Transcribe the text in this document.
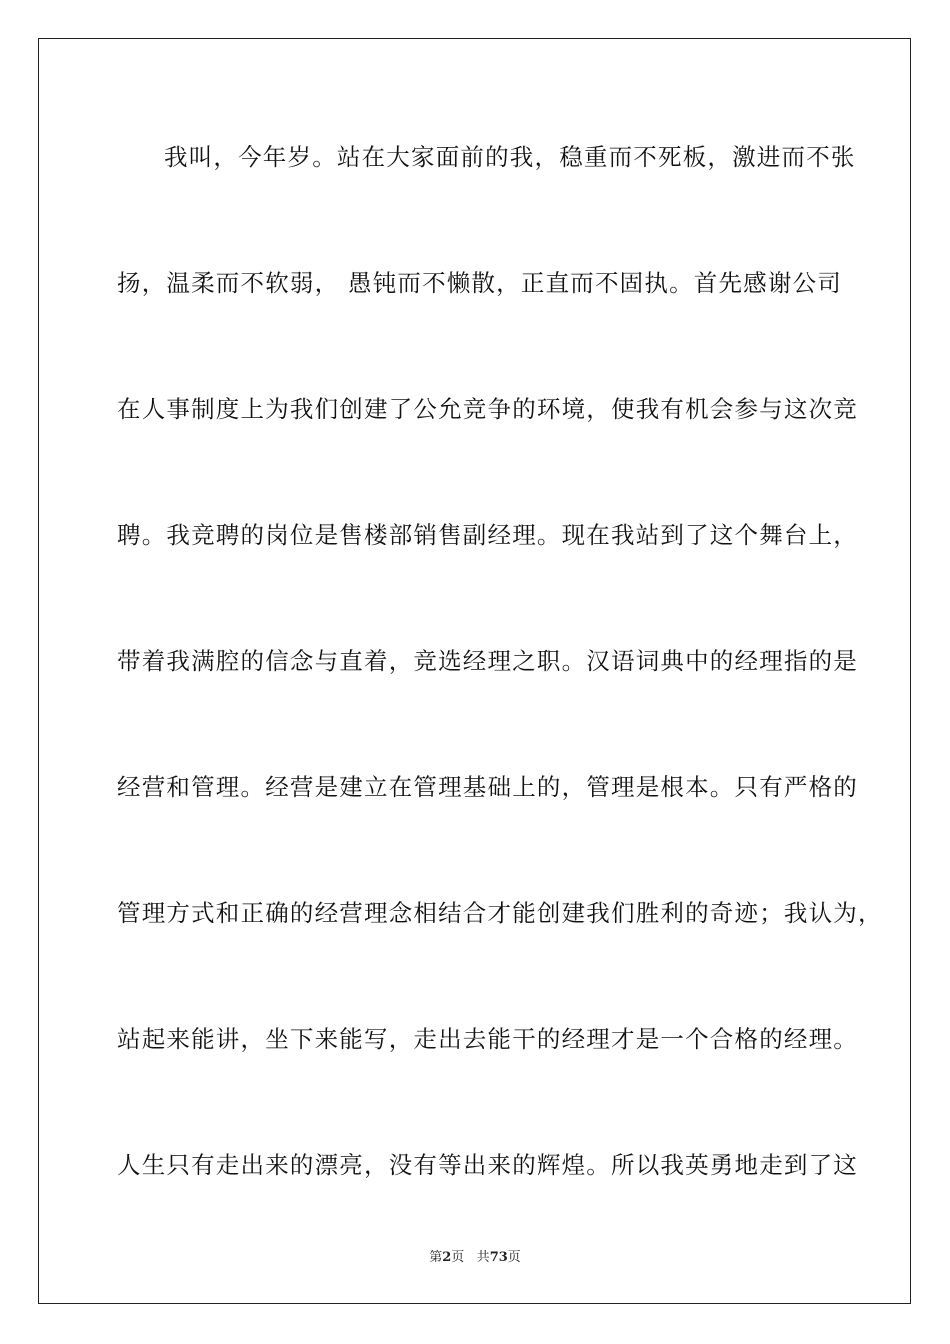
我叫，今年岁。站在大家面前的我，稳重而不死板，激进而不张
扬，温柔而不软弱， 愚钝而不懒散，正直而不固执。首先感谢公司
在人事制度上为我们创建了公允竞争的环境，使我有机会参与这次竞
聘。我竞聘的岗位是售楼部销售副经理。现在我站到了这个舞台上，
带着我满腔的信念与直着，竞选经理之职。汉语词典中的经理指的是
经营和管理。经营是建立在管理基础上的，管理是根本。只有严格的
管理方式和正确的经营理念相结合才能创建我们胜利的奇迹；我认为，
站起来能讲，坐下来能写，走出去能干的经理才是一个合格的经理。
人生只有走出来的漂亮，没有等出来的辉煌。所以我英勇地走到了这
第2页 共73页
